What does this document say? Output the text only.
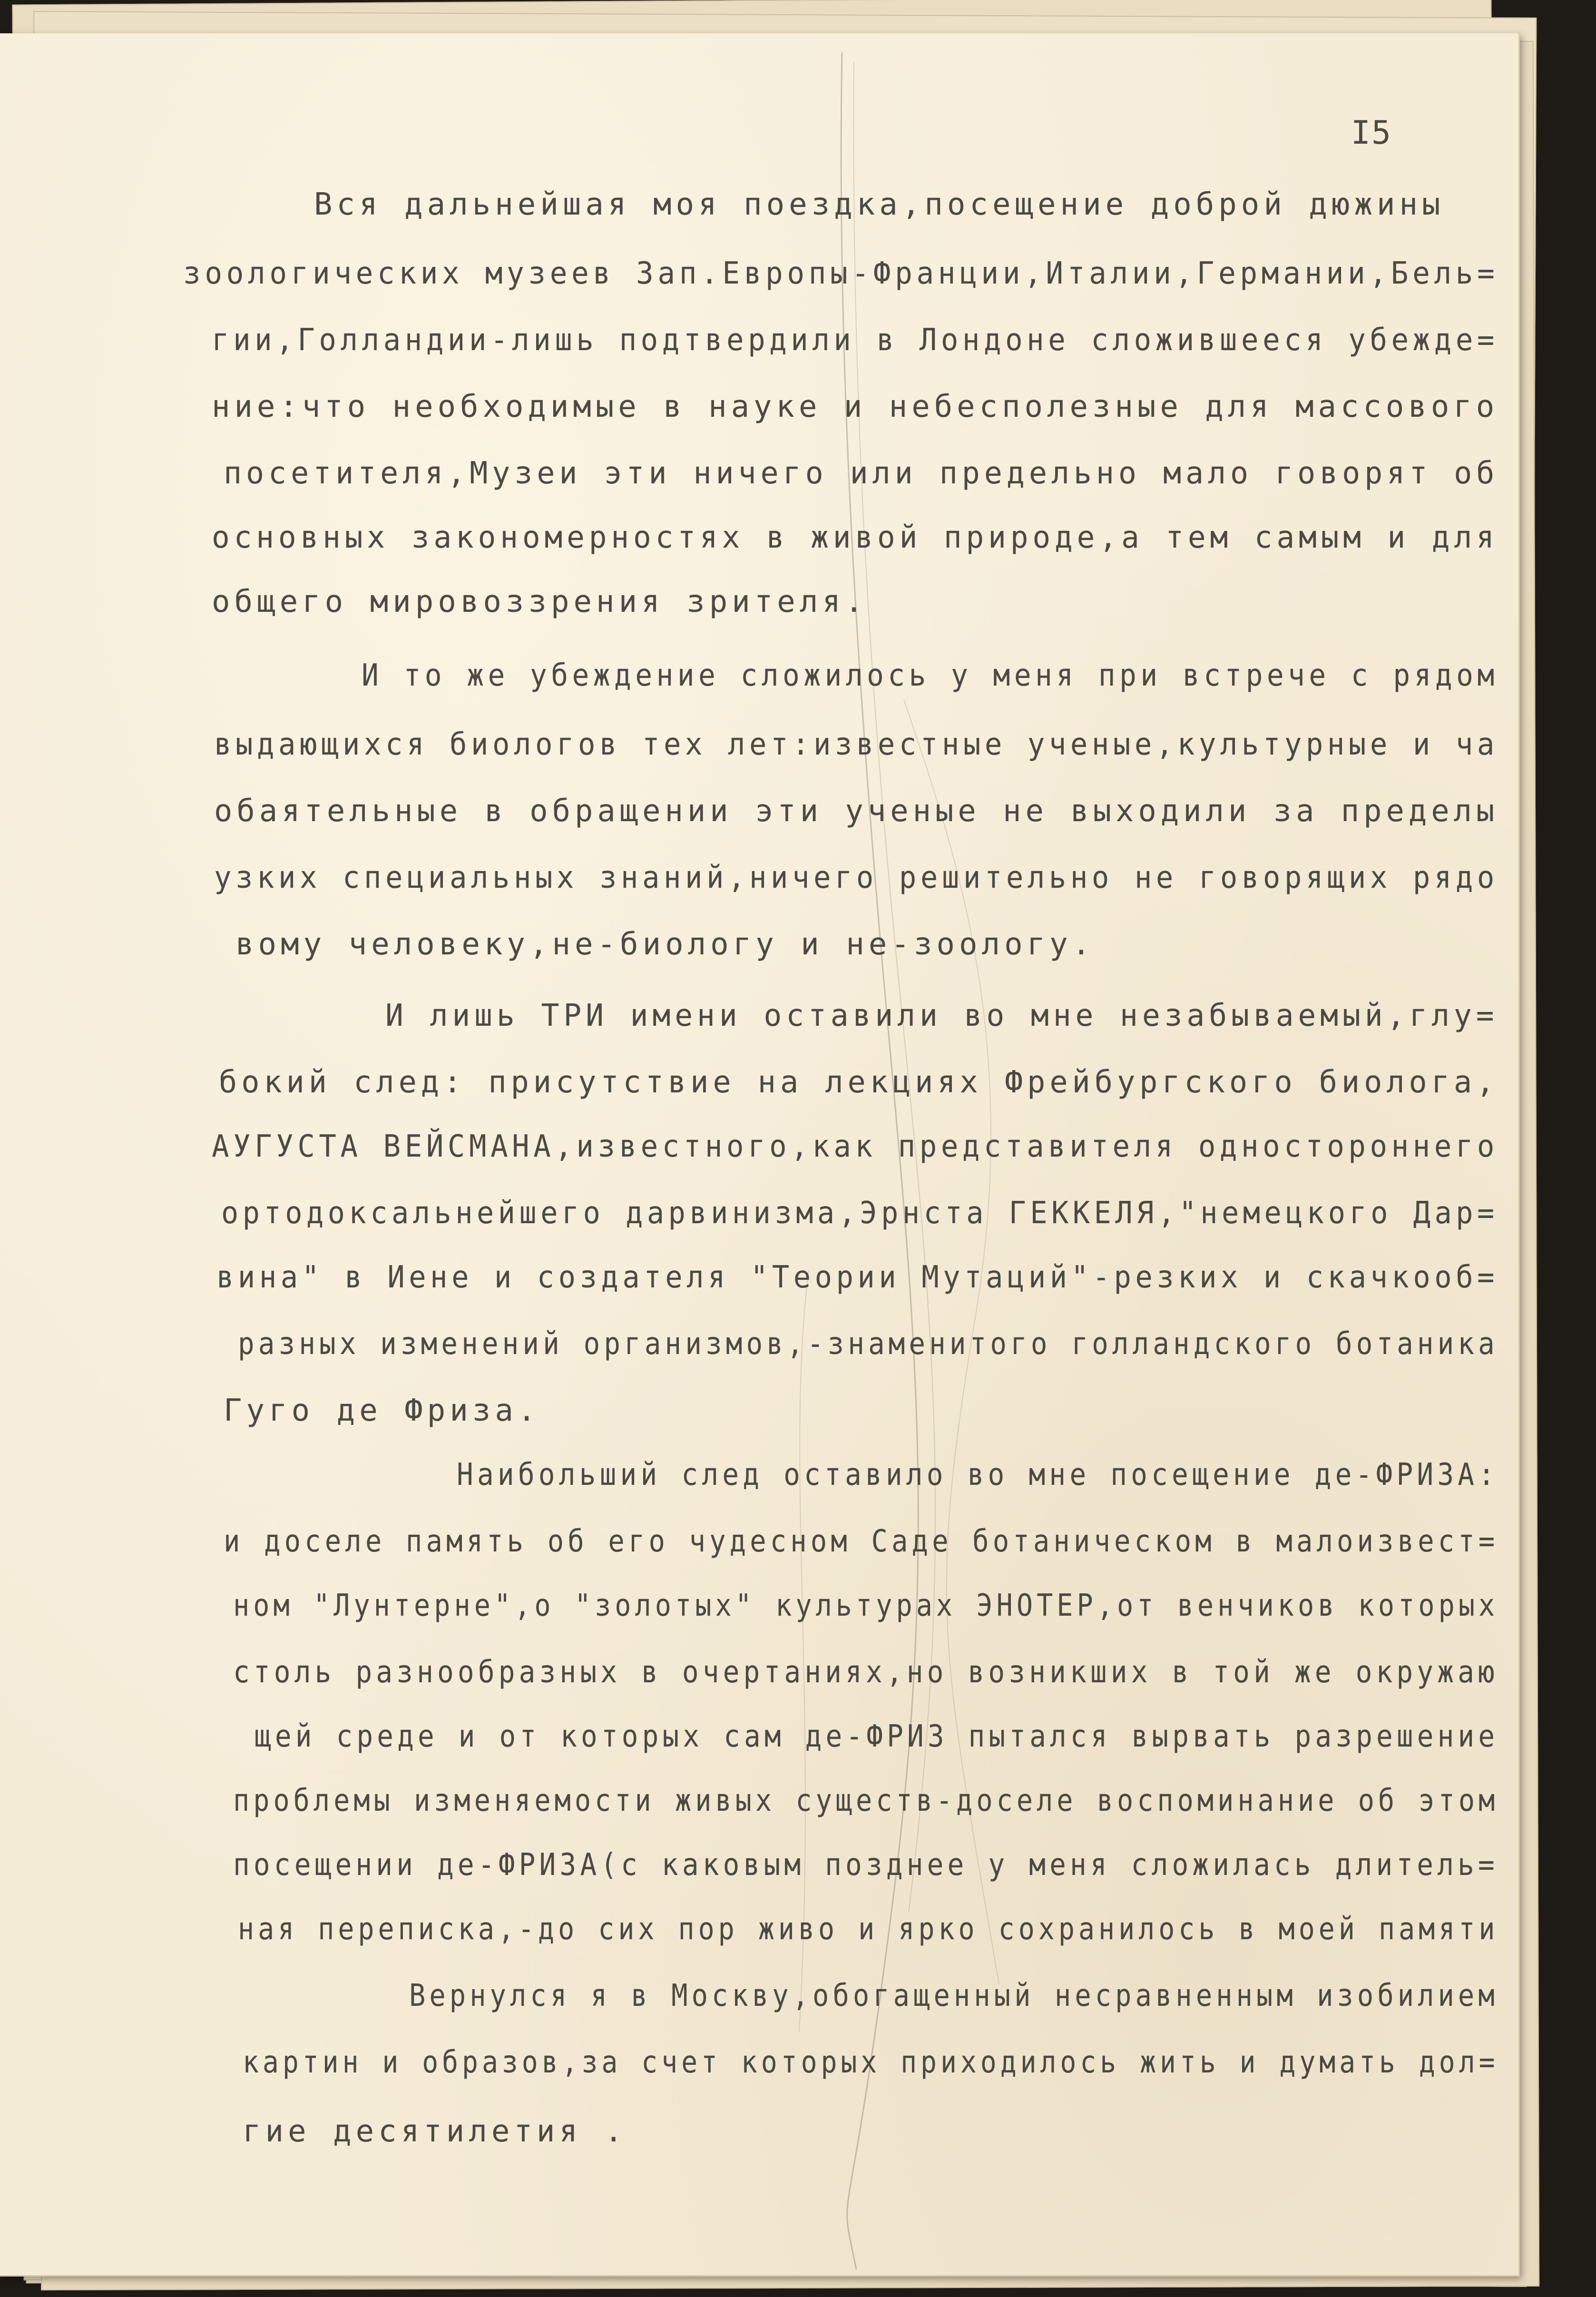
I5
Вся дальнейшая моя поездка,посещение доброй дюжины
зоологических музеев Зап.Европы-Франции,Италии,Германии,Бель=
гии,Голландии-лишь подтвердили в Лондоне сложившееся убежде=
ние:что необходимые в науке и небесполезные для массового
посетителя,Музеи эти ничего или предельно мало говорят об
основных закономерностях в живой природе,а тем самым и для
общего мировоззрения зрителя.
И то же убеждение сложилось у меня при встрече с рядом
выдающихся биологов тех лет:известные ученые,культурные и ча
обаятельные в обращении эти ученые не выходили за пределы
узких специальных знаний,ничего решительно не говорящих рядо
вому человеку,не-биологу и не-зоологу.
И лишь ТРИ имени оставили во мне незабываемый,глу=
бокий след: присутствие на лекциях Фрейбургского биолога,
АУГУСТА ВЕЙСМАНА,известного,как представителя одностороннего
ортодоксальнейшего дарвинизма,Эрнста ГЕККЕЛЯ,"немецкого Дар=
вина" в Иене и создателя "Теории Мутаций"-резких и скачкооб=
разных изменений организмов,-знаменитого голландского ботаника
Гуго де Фриза.
Наибольший след оставило во мне посещение де-ФРИЗА:
и доселе память об его чудесном Саде ботаническом в малоизвест=
ном "Лунтерне",о "золотых" культурах ЭНОТЕР,от венчиков которых
столь разнообразных в очертаниях,но возникших в той же окружаю
щей среде и от которых сам де-ФРИЗ пытался вырвать разрешение
проблемы изменяемости живых существ-доселе воспоминание об этом
посещении де-ФРИЗА(с каковым позднее у меня сложилась длитель=
ная переписка,-до сих пор живо и ярко сохранилось в моей памяти
Вернулся я в Москву,обогащенный несравненным изобилием
картин и образов,за счет которых приходилось жить и думать дол=
гие десятилетия .
